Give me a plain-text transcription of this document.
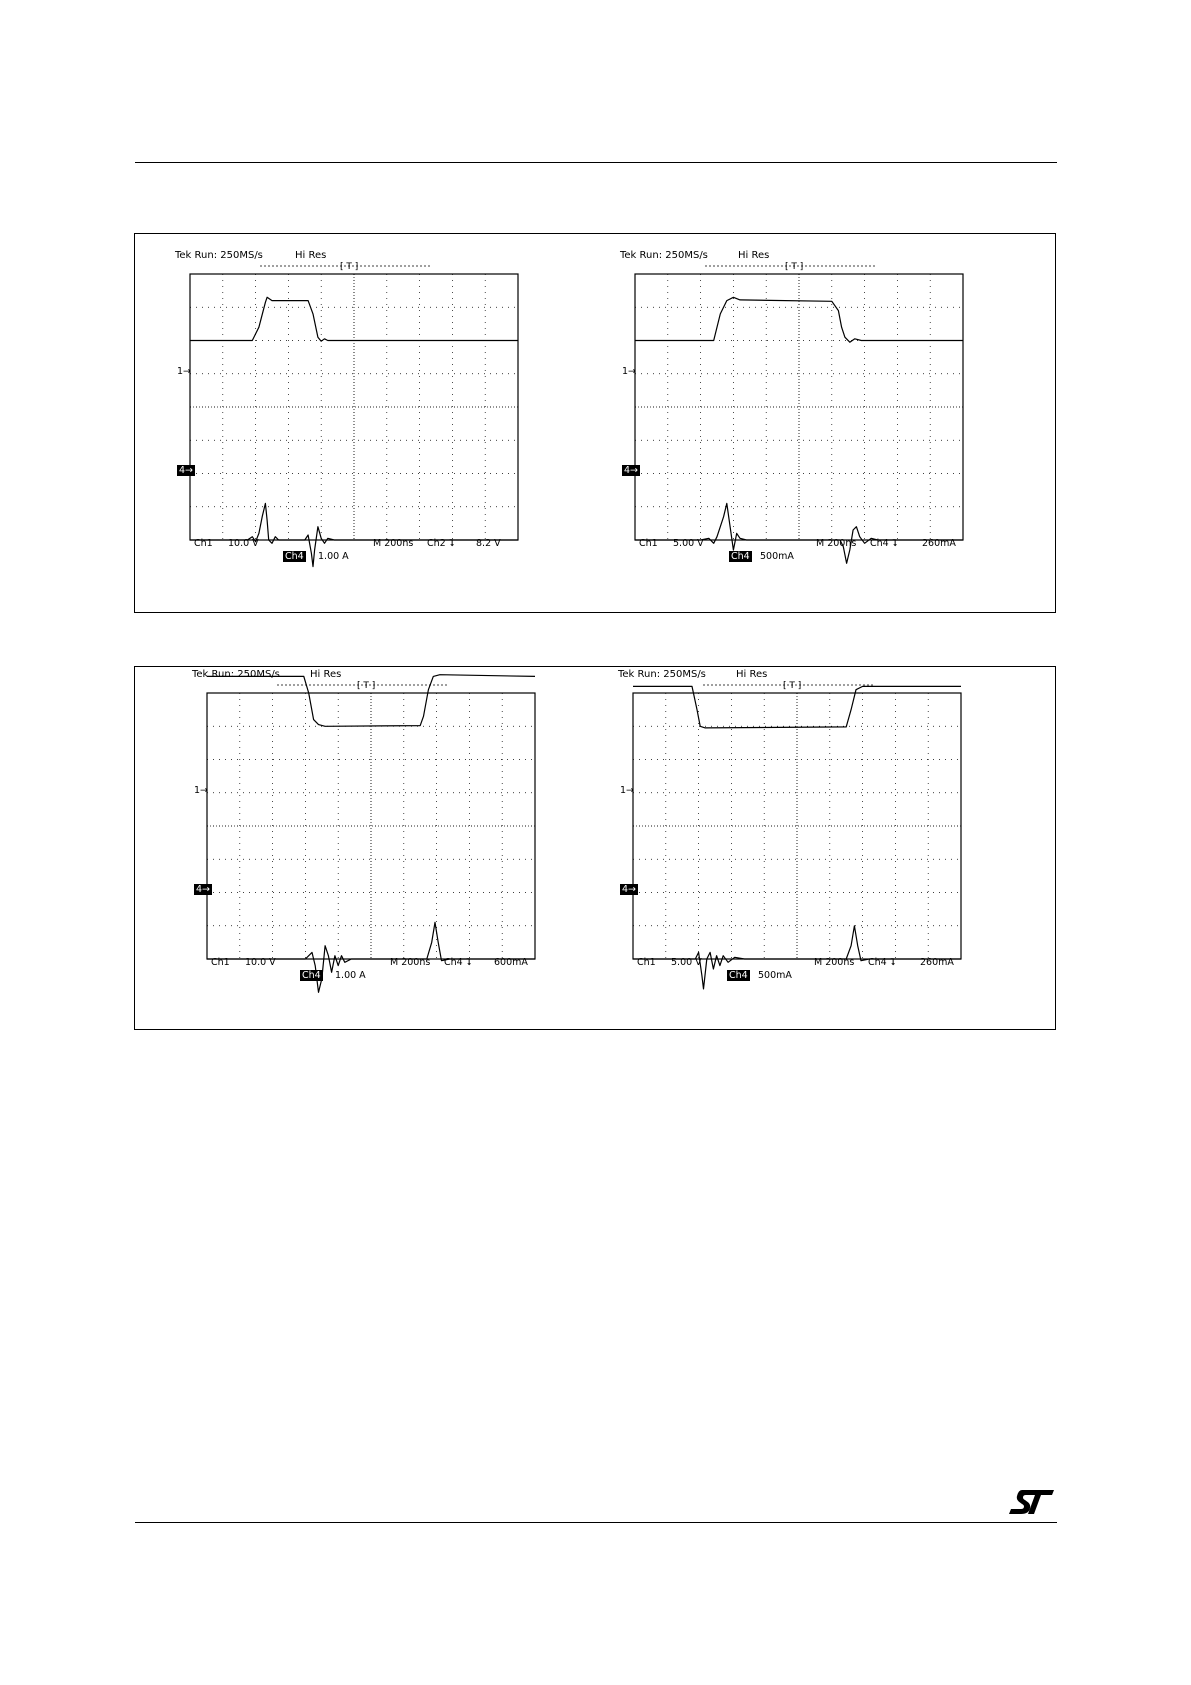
Tek Run: 250MS/s	Hi Res
[ T ]
1→
4→
Ch1 10.0 V
Ch4 1.00 A
M 200ns Ch2 ⮧ 8.2 V
Tek Run: 250MS/s	Hi Res
[ T ]
1→
4→
Ch1 5.00 V
Ch4 500mA
M 200ns Ch4 ⮧	260mA
Tek Run: 250MS/s	Hi Res
[ T ]
1→
4→
Ch1 10.0 V
Ch4 1.00 A
M 200ns Ch4 ⮧ 600mA
Tek Run: 250MS/s	Hi Res
[ T ]
1→
4→
Ch1 5.00 V
Ch4 500mA
M 200ns Ch4 ⮧	260mA
